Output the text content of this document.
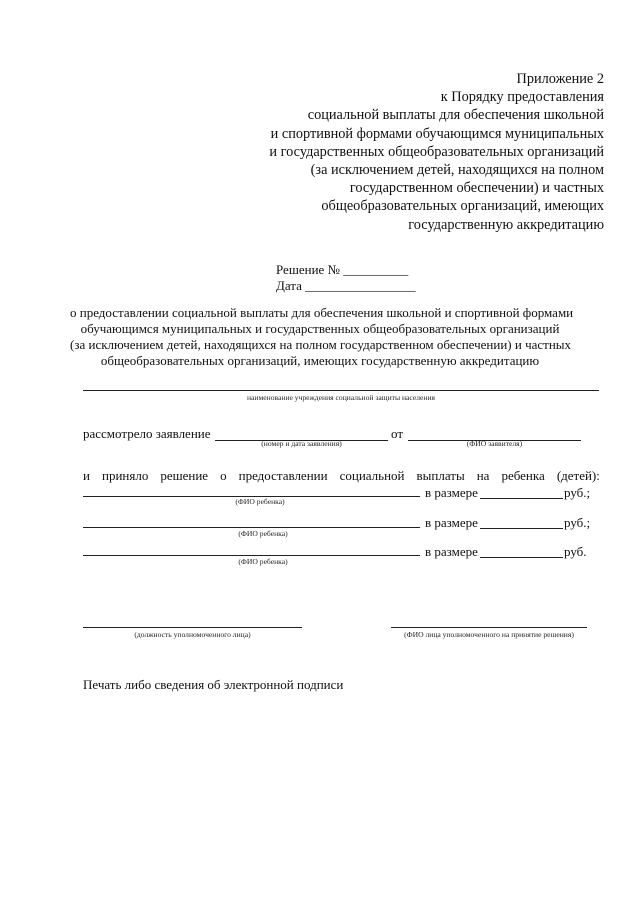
Приложение 2
к Порядку предоставления
социальной выплаты для обеспечения школьной
и спортивной формами обучающимся муниципальных
и государственных общеобразовательных организаций
(за исключением детей, находящихся на полном
государственном обеспечении) и частных
общеобразовательных организаций, имеющих
государственную аккредитацию
Решение № __________
Дата _________________
о предоставлении социальной выплаты для обеспечения школьной и спортивной формами
обучающимся муниципальных и государственных общеобразовательных организаций
(за исключением детей, находящихся на полном государственном обеспечении) и частных
общеобразовательных организаций, имеющих государственную аккредитацию
наименование учреждения социальной защиты населения
рассмотрело заявление
(номер и дата заявления)
от
(ФИО заявителя)
и приняло решение о предоставлении социальной выплаты на ребенка (детей):
(ФИО ребенка)
в размере	руб.;
(ФИО ребенка)
в размере	руб.;
(ФИО ребенка)
в размере	руб.
(должность уполномоченного лица)	(ФИО лица уполномоченного на принятие решения)
Печать либо сведения об электронной подписи
